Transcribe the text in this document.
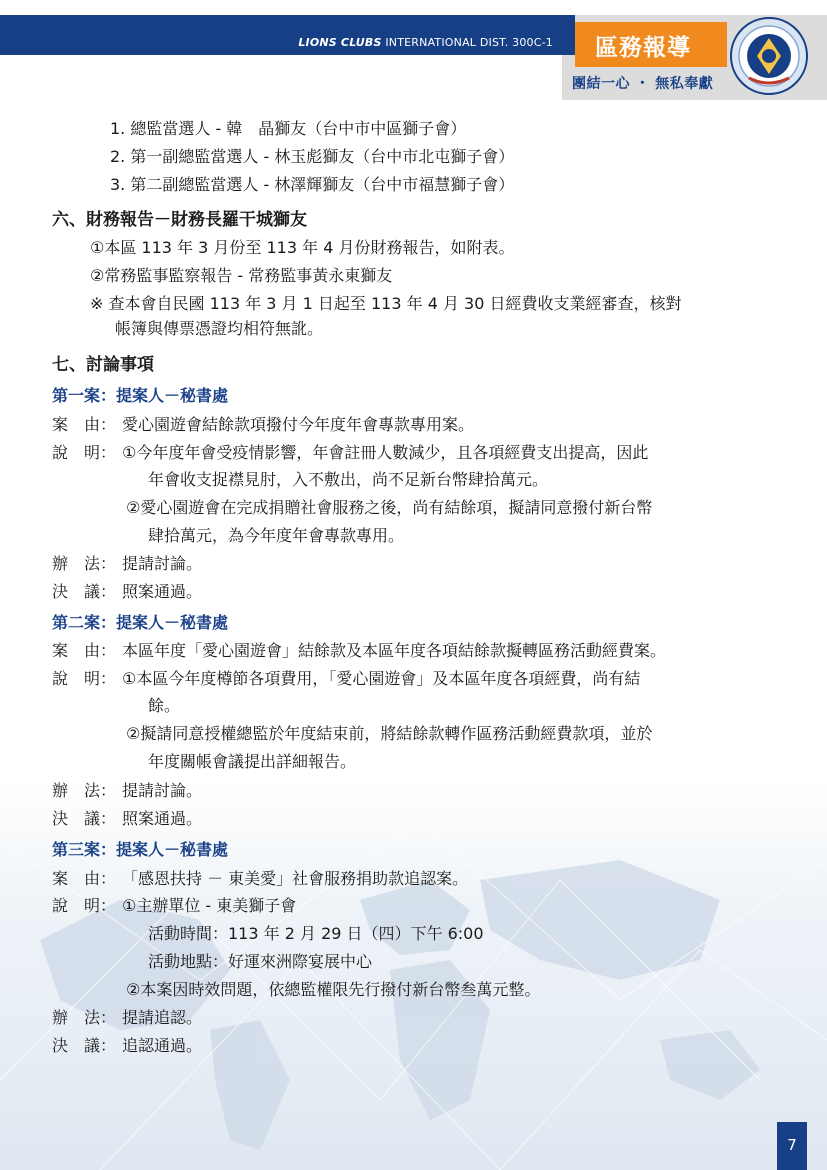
LIONS CLUBS INTERNATIONAL DIST. 300C-1 區務報導
團結一心 ・ 無私奉獻
1. 總監當選人 - 韓　晶獅友（台中市中區獅子會）
2. 第一副總監當選人 - 林玉彪獅友（台中市北屯獅子會）
3. 第二副總監當選人 - 林澤輝獅友（台中市福慧獅子會）
六、財務報告－財務長羅干城獅友
①本區 113 年 3 月份至 113 年 4 月份財務報告，如附表。
②常務監事監察報告 - 常務監事黃永東獅友
※ 查本會自民國 113 年 3 月 1 日起至 113 年 4 月 30 日經費收支業經審查，核對
帳簿與傳票憑證均相符無訛。
七、討論事項
第一案：提案人－秘書處
案　由： 愛心園遊會結餘款項撥付今年度年會專款專用案。
說　明： ①今年度年會受疫情影響，年會註冊人數減少，且各項經費支出提高，因此
年會收支捉襟見肘，入不敷出，尚不足新台幣肆拾萬元。
②愛心園遊會在完成捐贈社會服務之後，尚有結餘項，擬請同意撥付新台幣
肆拾萬元，為今年度年會專款專用。
辦　法： 提請討論。
決　議： 照案通過。
第二案：提案人－秘書處
案　由： 本區年度「愛心園遊會」結餘款及本區年度各項結餘款擬轉區務活動經費案。
說　明： ①本區今年度樽節各項費用，「愛心園遊會」及本區年度各項經費，尚有結
餘。
②擬請同意授權總監於年度結束前，將結餘款轉作區務活動經費款項，並於
年度關帳會議提出詳細報告。
辦　法： 提請討論。
決　議： 照案通過。
第三案：提案人－秘書處
案　由： 「感恩扶持 － 東美愛」社會服務捐助款追認案。
說　明： ①主辦單位 - 東美獅子會
活動時間：113 年 2 月 29 日（四）下午 6:00
活動地點：好運來洲際宴展中心
②本案因時效問題，依總監權限先行撥付新台幣叁萬元整。
辦　法： 提請追認。
決　議： 追認通過。
7
